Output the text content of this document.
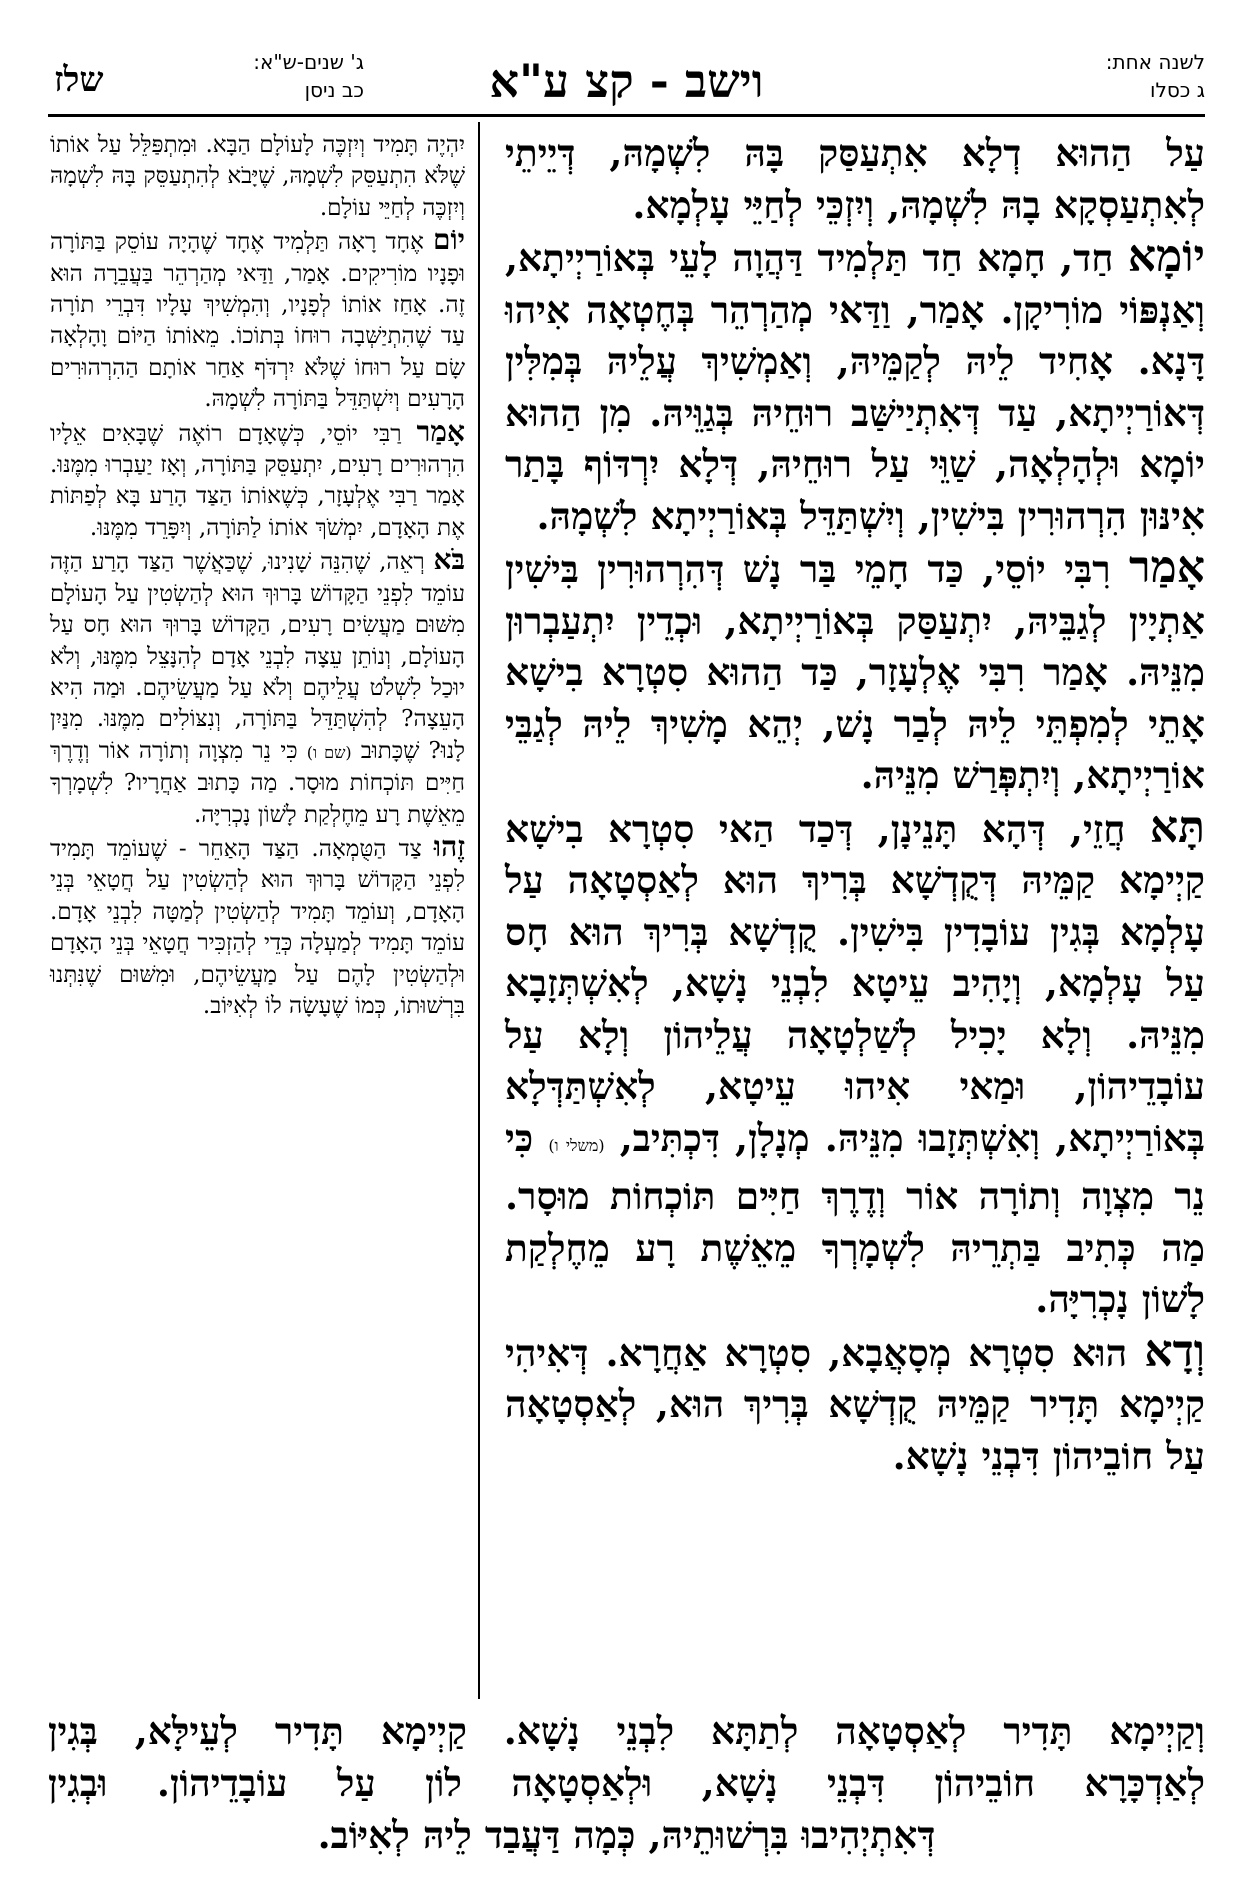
שלז	ג' שנים-ש"א:
כב ניסן	וישב - קצ ע"א	לשנה אחת:
ג כסלו

עַל הַהוּא דְלָא אִתְעַסַּק בָּהּ לִשְׁמָהּ, דְּיֵיתֵי לְאִתְעַסְקָא בָהּ לִשְׁמָהּ, וְיִזְכֵּי לְחַיֵּי עָלְמָא.

יוֹמָא חַד, חָמָא חַד תַּלְמִיד דַּהֲוָה לָעֵי בְּאוֹרַיְיתָא, וְאַנְפּוֹי מוֹרִיקָן. אָמַר, וַדַּאי מְהַרְהֵר בְּחֶטְאָה אִיהוּ דָּנָא. אָחִיד לֵיהּ לְקַמֵּיהּ, וְאַמְשִׁיךְ עֲלֵיהּ בְּמִלִּין דְּאוֹרַיְיתָא, עַד דְּאִתְיַישַּׁב רוּחֵיהּ בְּגַוֵּיהּ. מִן הַהוּא יוֹמָא וּלְהָלְאָה, שַׁוֵּי עַל רוּחֵיהּ, דְּלָא יִרְדּוֹף בָּתַר אִינּוּן הִרְהוּרִין בִּישִׁין, וְיִשְׁתַּדֵּל בְּאוֹרַיְיתָא לִשְׁמָהּ.

אָמַר רִבִּי יוֹסֵי, כַּד חָמֵי בַּר נָשׁ דְּהִרְהוּרִין בִּישִׁין אַתְיָין לְגַבֵּיהּ, יִתְעַסַּק בְּאוֹרַיְיתָא, וּכְדֵין יִתְעַבְרוּן מִנֵּיהּ. אָמַר רִבִּי אֶלְעָזָר, כַּד הַהוּא סִטְרָא בִישָׁא אָתֵי לְמִפְתֵּי לֵיהּ לְבַר נָשׁ, יְהֵא מָשִׁיךְ לֵיהּ לְגַבֵּי אוֹרַיְיתָא, וְיִתְפְּרַשׁ מִנֵּיהּ.

תָּא חֲזֵי, דְּהָא תָּנֵינָן, דְּכַד הַאי סִטְרָא בִישָׁא קַיְימָא קַמֵּיהּ דְּקֻדְשָׁא בְּרִיךְ הוּא לְאַסְטָאָה עַל עָלְמָא בְּגִין עוֹבָדִין בִּישִׁין. קֻדְשָׁא בְּרִיךְ הוּא חָס עַל עָלְמָא, וְיָהִיב עֵיטָא לִבְנֵי נָשָׁא, לְאִשְׁתְּזָבָא מִנֵּיהּ. וְלָא יָכִיל לְשַׁלְטָאָה עֲלֵיהוֹן וְלָא עַל עוֹבָדֵיהוֹן, וּמַאי אִיהוּ עֵיטָא, לְאִשְׁתַּדְּלָא בְּאוֹרַיְיתָא, וְאִשְׁתְּזָבוּ מִנֵּיהּ. מְנָלָן, דִּכְתִּיב, (משלי ו) כִּי נֵר מִצְוָה וְתוֹרָה אוֹר וְדֶרֶךְ חַיִּים תּוֹכְחוֹת מוּסָר. מַה כְּתִיב בַּתְרֵיהּ לִשְׁמָרְךָ מֵאֵשֶׁת רָע מֵחֶלְקַת לָשׁוֹן נָכְרִיָּה.

וְדָא הוּא סִטְרָא מְסָאֲבָא, סִטְרָא אַחֲרָא. דְּאִיהִי קַיְימָא תָּדִיר קַמֵּיהּ קֻדְשָׁא בְּרִיךְ הוּא, לְאַסְטָאָה עַל חוֹבֵיהוֹן דִּבְנֵי נָשָׁא.

יִהְיֶה תָּמִיד וְיִזְכֶּה לָעוֹלָם הַבָּא. וּמִתְפַּלֵּל עַל אוֹתוֹ שֶׁלֹּא הִתְעַסֵּק לִשְׁמָהּ, שֶׁיָּבֹא לְהִתְעַסֵּק בָּהּ לִשְׁמָהּ וְיִזְכֶּה לְחַיֵּי עוֹלָם.

יוֹם אֶחָד רָאָה תַּלְמִיד אֶחָד שֶׁהָיָה עוֹסֵק בַּתּוֹרָה וּפָנָיו מוֹרִיקִים. אָמַר, וַדַּאי מְהַרְהֵר בַּעֲבֵרָה הוּא זֶה. אָחַז אוֹתוֹ לְפָנָיו, וְהִמְשִׁיךְ עָלָיו דִּבְרֵי תוֹרָה עַד שֶׁהִתְיַשְּׁבָה רוּחוֹ בְּתוֹכוֹ. מֵאוֹתוֹ הַיּוֹם וָהָלְאָה שָׂם עַל רוּחוֹ שֶׁלֹּא יִרְדֹּף אַחַר אוֹתָם הַהִרְהוּרִים הָרָעִים וְיִשְׁתַּדֵּל בַּתּוֹרָה לִשְׁמָהּ.

אָמַר רַבִּי יוֹסֵי, כְּשֶׁאָדָם רוֹאֶה שֶׁבָּאִים אֵלָיו הִרְהוּרִים רָעִים, יִתְעַסֵּק בַּתּוֹרָה, וְאָז יַעַבְרוּ מִמֶּנּוּ. אָמַר רַבִּי אֶלְעָזָר, כְּשֶׁאוֹתוֹ הַצַּד הָרַע בָּא לְפַתּוֹת אֶת הָאָדָם, יִמְשֹׁךְ אוֹתוֹ לַתּוֹרָה, וְיִפָּרֵד מִמֶּנּוּ.

בֹּא רְאֵה, שֶׁהִנֵּה שָׁנִינוּ, שֶׁכַּאֲשֶׁר הַצַּד הָרַע הַזֶּה עוֹמֵד לִפְנֵי הַקָּדוֹשׁ בָּרוּךְ הוּא לְהַשְׂטִין עַל הָעוֹלָם מִשּׁוּם מַעֲשִׂים רָעִים, הַקָּדוֹשׁ בָּרוּךְ הוּא חָס עַל הָעוֹלָם, וְנוֹתֵן עֵצָה לִבְנֵי אָדָם לְהִנָּצֵל מִמֶּנּוּ, וְלֹא יוּכַל לִשְׁלֹט עֲלֵיהֶם וְלֹא עַל מַעֲשֵׂיהֶם. וּמַה הִיא הָעֵצָה? לְהִשְׁתַּדֵּל בַּתּוֹרָה, וְנִצּוֹלִים מִמֶּנּוּ. מִנַּיִן לָנוּ? שֶׁכָּתוּב (שם ו) כִּי נֵר מִצְוָה וְתוֹרָה אוֹר וְדֶרֶךְ חַיִּים תּוֹכְחוֹת מוּסָר. מַה כָּתוּב אַחֲרָיו? לִשְׁמָרְךָ מֵאֵשֶׁת רָע מֵחֶלְקַת לָשׁוֹן נָכְרִיָּה.

זֶהוּ צַד הַטֻּמְאָה. הַצַּד הָאַחֵר - שֶׁעוֹמֵד תָּמִיד לִפְנֵי הַקָּדוֹשׁ בָּרוּךְ הוּא לְהַשְׂטִין עַל חֲטָאֵי בְּנֵי הָאָדָם, וְעוֹמֵד תָּמִיד לְהַשְׂטִין לְמַטָּה לִבְנֵי אָדָם. עוֹמֵד תָּמִיד לְמַעְלָה כְּדֵי לְהַזְכִּיר חֲטָאֵי בְּנֵי הָאָדָם וּלְהַשְׂטִין לָהֶם עַל מַעֲשֵׂיהֶם, וּמִשּׁוּם שֶׁנִּתְּנוּ בִּרְשׁוּתוֹ, כְּמוֹ שֶׁעָשָׂה לוֹ לְאִיּוֹב.

וְקַיְימָא תָּדִיר לְאַסְטָאָה לְתַתָּא לִבְנֵי נָשָׁא. קַיְימָא תָּדִיר לְעֵילָּא, בְּגִין
לְאַדְכָּרָא חוֹבֵיהוֹן דִּבְנֵי נָשָׁא, וּלְאַסְטָאָה לוֹן עַל עוֹבָדֵיהוֹן. וּבְגִין
דְּאִתְיְהִיבוּ בִּרְשׁוּתֵיהּ, כְּמָה דַּעֲבַד לֵיהּ לְאִיּוֹב.
